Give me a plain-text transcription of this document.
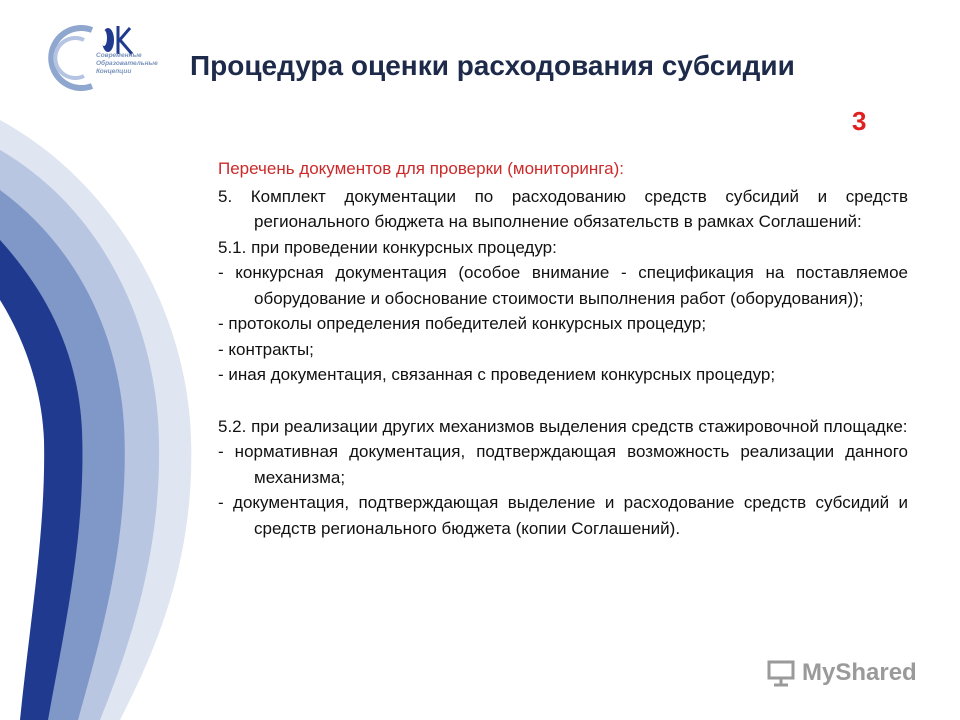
Современные
Образовательные
Концепции	Процедура оценки расходования субсидии
3

Перечень документов для проверки (мониторинга):

5. Комплект документации по расходованию средств субсидий и средств регионального бюджета на выполнение обязательств в рамках Соглашений:

5.1. при проведении конкурсных процедур:

- конкурсная документация (особое внимание - спецификация на поставляемое оборудование и обоснование стоимости выполнения работ (оборудования));

- протоколы определения победителей конкурсных процедур;

- контракты;

- иная документация, связанная с проведением конкурсных процедур;

5.2. при реализации других механизмов выделения средств стажировочной площадке:

- нормативная документация, подтверждающая возможность реализации данного механизма;

- документация, подтверждающая выделение и расходование средств субсидий и средств регионального бюджета (копии Соглашений).

MyShared
